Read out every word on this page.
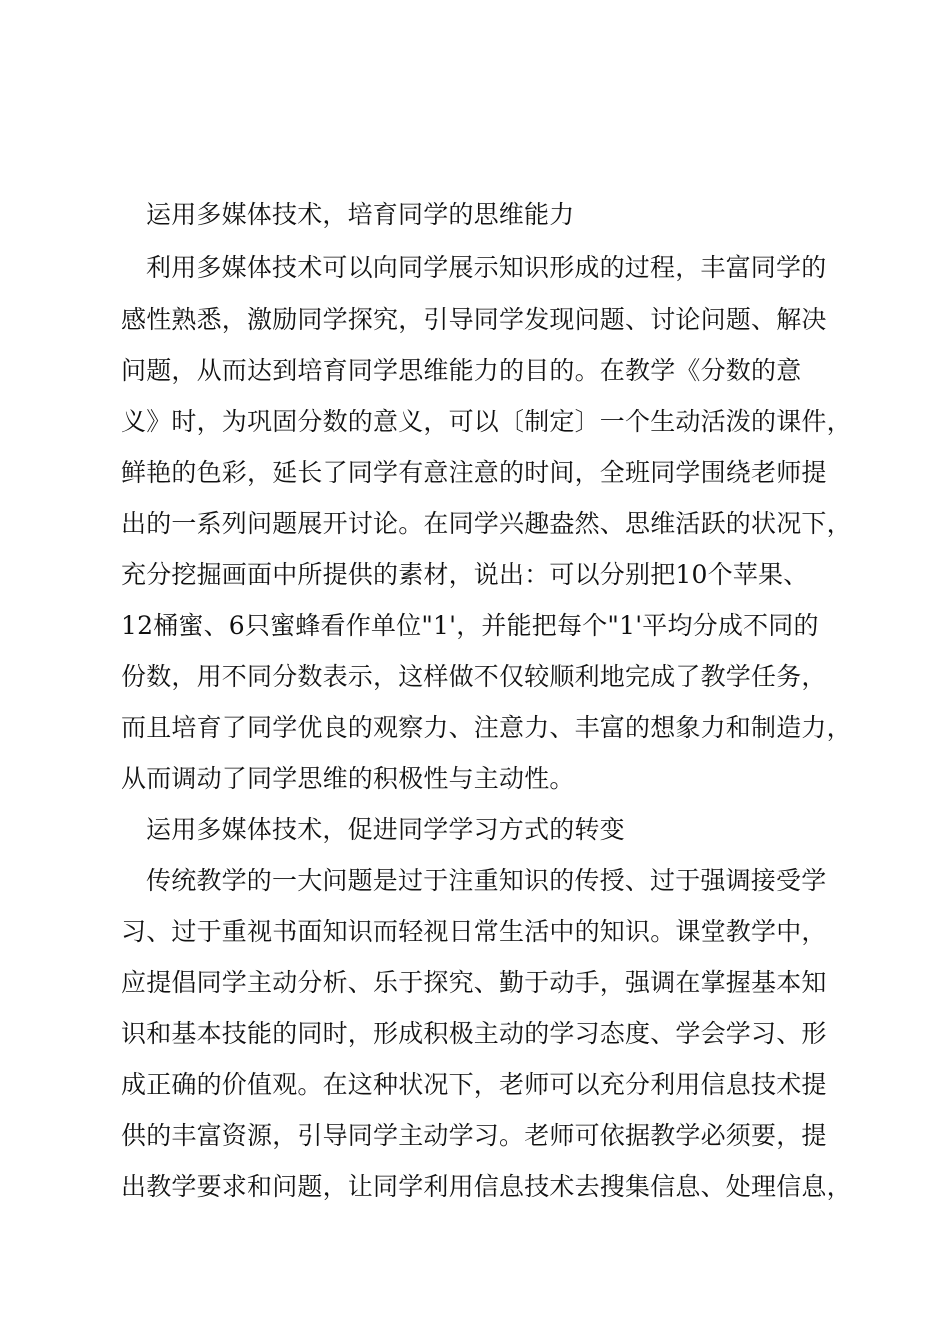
运用多媒体技术，培育同学的思维能力
利用多媒体技术可以向同学展示知识形成的过程，丰富同学的
感性熟悉，激励同学探究，引导同学发现问题、讨论问题、解决
问题，从而达到培育同学思维能力的目的。在教学《分数的意
义》时，为巩固分数的意义，可以〔制定〕一个生动活泼的课件，
鲜艳的色彩，延长了同学有意注意的时间，全班同学围绕老师提
出的一系列问题展开讨论。在同学兴趣盎然、思维活跃的状况下，
充分挖掘画面中所提供的素材，说出：可以分别把10个苹果、
12桶蜜、6只蜜蜂看作单位"1'，并能把每个"1'平均分成不同的
份数，用不同分数表示，这样做不仅较顺利地完成了教学任务，
而且培育了同学优良的观察力、注意力、丰富的想象力和制造力，
从而调动了同学思维的积极性与主动性。
运用多媒体技术，促进同学学习方式的转变
传统教学的一大问题是过于注重知识的传授、过于强调接受学
习、过于重视书面知识而轻视日常生活中的知识。课堂教学中，
应提倡同学主动分析、乐于探究、勤于动手，强调在掌握基本知
识和基本技能的同时，形成积极主动的学习态度、学会学习、形
成正确的价值观。在这种状况下，老师可以充分利用信息技术提
供的丰富资源，引导同学主动学习。老师可依据教学必须要，提
出教学要求和问题，让同学利用信息技术去搜集信息、处理信息，
